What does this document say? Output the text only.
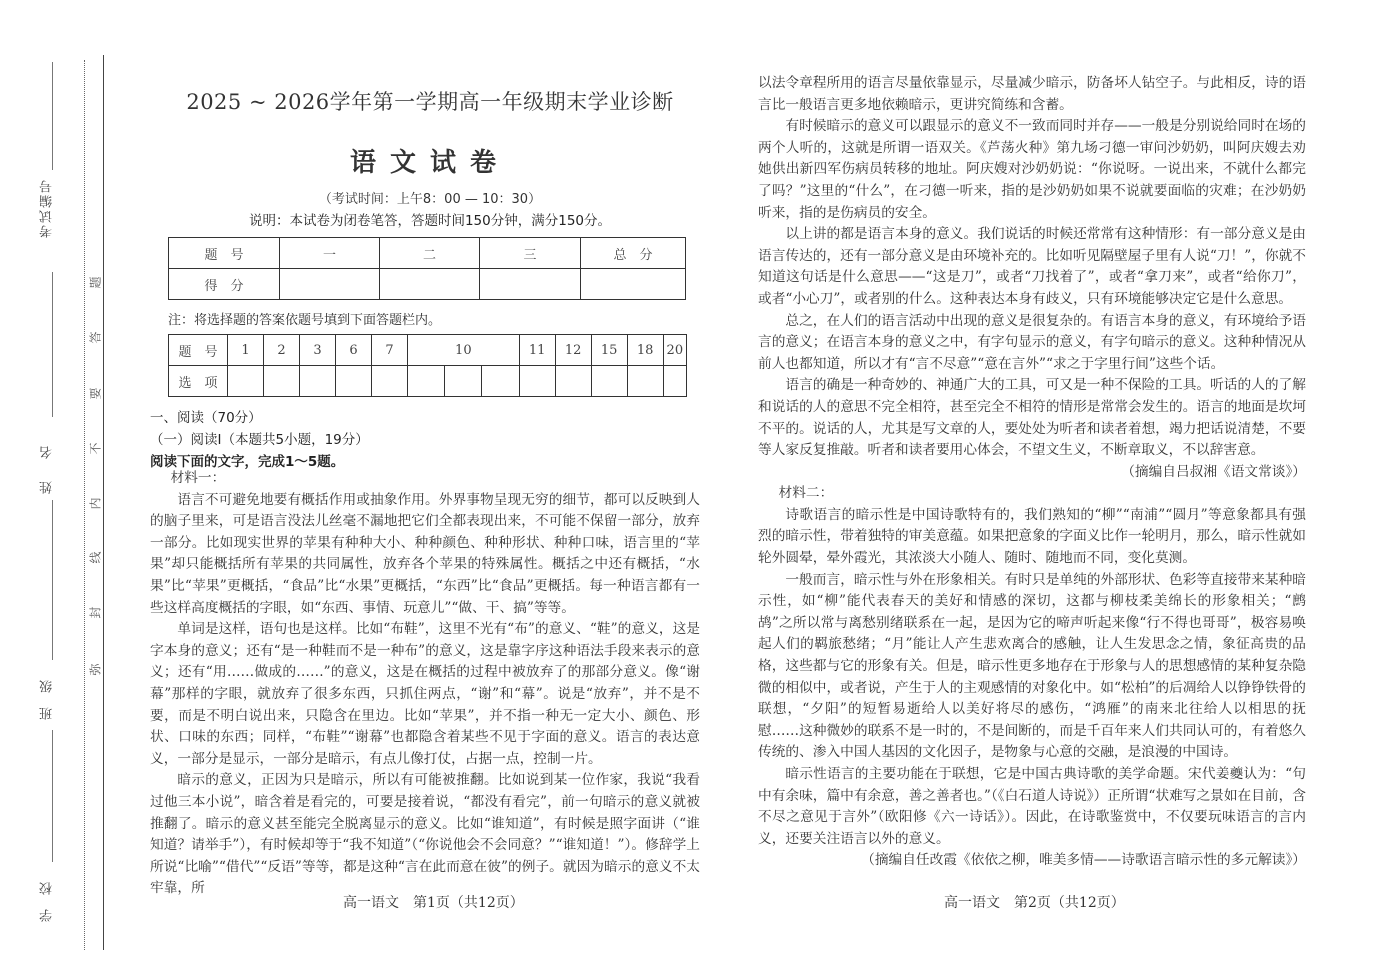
考试编号
姓名
班级
学校
题
答
要
不
内
线
封
弥
2025 ~ 2026学年第一学期高一年级期末学业诊断
语文试卷
（考试时间：上午8：00 — 10：30）
说明：本试卷为闭卷笔答，答题时间150分钟，满分150分。
题　号	一	二	三	总　分
得　分				
注：将选择题的答案依题号填到下面答题栏内。
题　号	1	2	3	6	7	10			11	12	15	18	20
选　项													
一、阅读（70分）
（一）阅读Ⅰ（本题共5小题，19分）
阅读下面的文字，完成1～5题。

材料一：

语言不可避免地要有概括作用或抽象作用。外界事物呈现无穷的细节，都可以反映到人的脑子里来，可是语言没法儿丝毫不漏地把它们全都表现出来，不可能不保留一部分，放弃一部分。比如现实世界的苹果有种种大小、种种颜色、种种形状、种种口味，语言里的“苹果”却只能概括所有苹果的共同属性，放弃各个苹果的特殊属性。概括之中还有概括，“水果”比“苹果”更概括，“食品”比“水果”更概括，“东西”比“食品”更概括。每一种语言都有一些这样高度概括的字眼，如“东西、事情、玩意儿”“做、干、搞”等等。

单词是这样，语句也是这样。比如“布鞋”，这里不光有“布”的意义、“鞋”的意义，这是字本身的意义；还有“是一种鞋而不是一种布”的意义，这是靠字序这种语法手段来表示的意义；还有“用……做成的……”的意义，这是在概括的过程中被放弃了的那部分意义。像“谢幕”那样的字眼，就放弃了很多东西，只抓住两点，“谢”和“幕”。说是“放弃”，并不是不要，而是不明白说出来，只隐含在里边。比如“苹果”，并不指一种无一定大小、颜色、形状、口味的东西；同样，“布鞋”“谢幕”也都隐含着某些不见于字面的意义。语言的表达意义，一部分是显示，一部分是暗示，有点儿像打仗，占据一点，控制一片。

暗示的意义，正因为只是暗示，所以有可能被推翻。比如说到某一位作家，我说“我看过他三本小说”，暗含着是看完的，可要是接着说，“都没有看完”，前一句暗示的意义就被推翻了。暗示的意义甚至能完全脱离显示的意义。比如“谁知道”，有时候是照字面讲（“谁知道？请举手”），有时候却等于“我不知道”（“你说他会不会同意？”“谁知道！”）。修辞学上所说“比喻”“借代”“反语”等等，都是这种“言在此而意在彼”的例子。就因为暗示的意义不太牢靠，所

高一语文　第1页（共12页）

以法令章程所用的语言尽量依靠显示，尽量减少暗示，防备坏人钻空子。与此相反，诗的语言比一般语言更多地依赖暗示，更讲究简练和含蓄。

有时候暗示的意义可以跟显示的意义不一致而同时并存——一般是分别说给同时在场的两个人听的，这就是所谓一语双关。《芦荡火种》第九场刁德一审问沙奶奶，叫阿庆嫂去劝她供出新四军伤病员转移的地址。阿庆嫂对沙奶奶说：“你说呀。一说出来，不就什么都完了吗？”这里的“什么”，在刁德一听来，指的是沙奶奶如果不说就要面临的灾难；在沙奶奶听来，指的是伤病员的安全。

以上讲的都是语言本身的意义。我们说话的时候还常常有这种情形：有一部分意义是由语言传达的，还有一部分意义是由环境补充的。比如听见隔壁屋子里有人说“刀！”，你就不知道这句话是什么意思——“这是刀”，或者“刀找着了”，或者“拿刀来”，或者“给你刀”，或者“小心刀”，或者别的什么。这种表达本身有歧义，只有环境能够决定它是什么意思。

总之，在人们的语言活动中出现的意义是很复杂的。有语言本身的意义，有环境给予语言的意义；在语言本身的意义之中，有字句显示的意义，有字句暗示的意义。这种种情况从前人也都知道，所以才有“言不尽意”“意在言外”“求之于字里行间”这些个话。

语言的确是一种奇妙的、神通广大的工具，可又是一种不保险的工具。听话的人的了解和说话的人的意思不完全相符，甚至完全不相符的情形是常常会发生的。语言的地面是坎坷不平的。说话的人，尤其是写文章的人，要处处为听者和读者着想，竭力把话说清楚，不要等人家反复推敲。听者和读者要用心体会，不望文生义，不断章取义，不以辞害意。

（摘编自吕叔湘《语文常谈》）

材料二：

诗歌语言的暗示性是中国诗歌特有的，我们熟知的“柳”“南浦”“圆月”等意象都具有强烈的暗示性，带着独特的审美意蕴。如果把意象的字面义比作一轮明月，那么，暗示性就如轮外圆晕，晕外霞光，其浓淡大小随人、随时、随地而不同，变化莫测。

一般而言，暗示性与外在形象相关。有时只是单纯的外部形状、色彩等直接带来某种暗示性，如“柳”能代表春天的美好和情感的深切，这都与柳枝柔美绵长的形象相关；“鹧鸪”之所以常与离愁别绪联系在一起，是因为它的啼声听起来像“行不得也哥哥”，极容易唤起人们的羁旅愁绪；“月”能让人产生悲欢离合的感触，让人生发思念之情，象征高贵的品格，这些都与它的形象有关。但是，暗示性更多地存在于形象与人的思想感情的某种复杂隐微的相似中，或者说，产生于人的主观感情的对象化中。如“松柏”的后凋给人以铮铮铁骨的联想，“夕阳”的短暂易逝给人以美好将尽的感伤，“鸿雁”的南来北往给人以相思的抚慰……这种微妙的联系不是一时的，不是间断的，而是千百年来人们共同认可的，有着悠久传统的、渗入中国人基因的文化因子，是物象与心意的交融，是浪漫的中国诗。

暗示性语言的主要功能在于联想，它是中国古典诗歌的美学命题。宋代姜夔认为：“句中有余味，篇中有余意，善之善者也。”（《白石道人诗说》）正所谓“状难写之景如在目前，含不尽之意见于言外”（欧阳修《六一诗话》）。因此，在诗歌鉴赏中，不仅要玩味语言的言内义，还要关注语言以外的意义。

（摘编自任改霞《依依之柳，唯美多情——诗歌语言暗示性的多元解读》）

高一语文　第2页（共12页）
